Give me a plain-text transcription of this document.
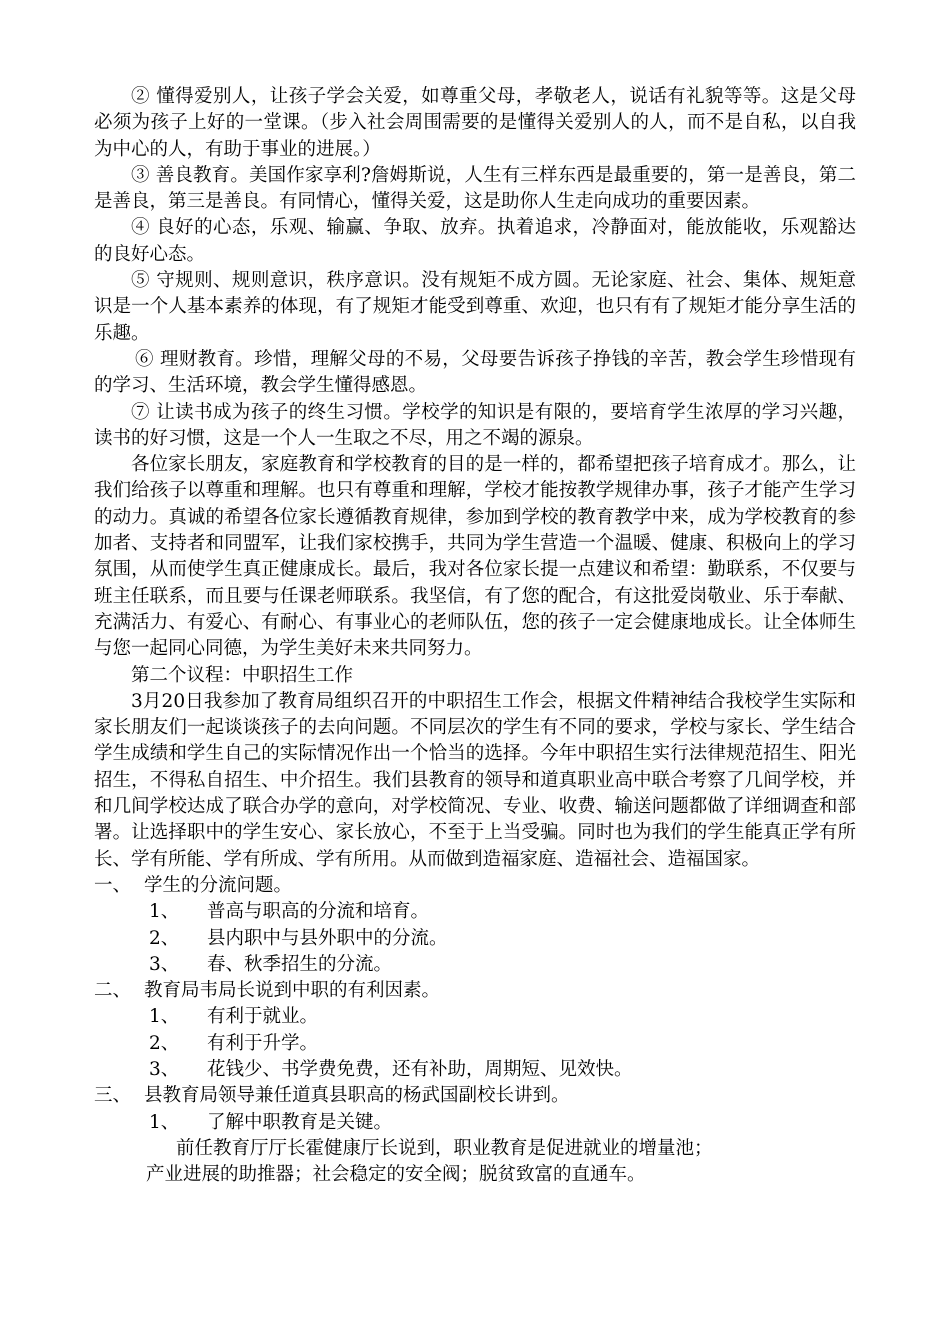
② 懂得爱别人，让孩子学会关爱，如尊重父母，孝敬老人，说话有礼貌等等。这是父母必须为孩子上好的一堂课。（步入社会周围需要的是懂得关爱别人的人，而不是自私，以自我为中心的人，有助于事业的进展。）

③ 善良教育。美国作家享利?詹姆斯说，人生有三样东西是最重要的，第一是善良，第二是善良，第三是善良。有同情心，懂得关爱，这是助你人生走向成功的重要因素。

④ 良好的心态，乐观、输赢、争取、放弃。执着追求，冷静面对，能放能收，乐观豁达的良好心态。

⑤ 守规则、规则意识，秩序意识。没有规矩不成方圆。无论家庭、社会、集体、规矩意识是一个人基本素养的体现，有了规矩才能受到尊重、欢迎，也只有有了规矩才能分享生活的乐趣。

⑥ 理财教育。珍惜，理解父母的不易，父母要告诉孩子挣钱的辛苦，教会学生珍惜现有的学习、生活环境，教会学生懂得感恩。

⑦ 让读书成为孩子的终生习惯。学校学的知识是有限的，要培育学生浓厚的学习兴趣，读书的好习惯，这是一个人一生取之不尽，用之不竭的源泉。

各位家长朋友，家庭教育和学校教育的目的是一样的，都希望把孩子培育成才。那么，让我们给孩子以尊重和理解。也只有尊重和理解，学校才能按教学规律办事，孩子才能产生学习的动力。真诚的希望各位家长遵循教育规律，参加到学校的教育教学中来，成为学校教育的参加者、支持者和同盟军，让我们家校携手，共同为学生营造一个温暖、健康、积极向上的学习氛围，从而使学生真正健康成长。最后，我对各位家长提一点建议和希望：勤联系，不仅要与班主任联系，而且要与任课老师联系。我坚信，有了您的配合，有这批爱岗敬业、乐于奉献、充满活力、有爱心、有耐心、有事业心的老师队伍，您的孩子一定会健康地成长。让全体师生与您一起同心同德，为学生美好未来共同努力。

第二个议程：中职招生工作

3月20日我参加了教育局组织召开的中职招生工作会，根据文件精神结合我校学生实际和家长朋友们一起谈谈孩子的去向问题。不同层次的学生有不同的要求，学校与家长、学生结合学生成绩和学生自己的实际情况作出一个恰当的选择。今年中职招生实行法律规范招生、阳光招生，不得私自招生、中介招生。我们县教育的领导和道真职业高中联合考察了几间学校，并和几间学校达成了联合办学的意向，对学校简况、专业、收费、输送问题都做了详细调查和部署。让选择职中的学生安心、家长放心，不至于上当受骗。同时也为我们的学生能真正学有所长、学有所能、学有所成、学有所用。从而做到造福家庭、造福社会、造福国家。

一、 学生的分流问题。

1、	普高与职高的分流和培育。

2、	县内职中与县外职中的分流。

3、	春、秋季招生的分流。

二、 教育局韦局长说到中职的有利因素。

1、	有利于就业。

2、	有利于升学。

3、	花钱少、书学费免费，还有补助，周期短、见效快。

三、 县教育局领导兼任道真县职高的杨武国副校长讲到。

1、	了解中职教育是关键。

前任教育厅厅长霍健康厅长说到，职业教育是促进就业的增量池；

产业进展的助推器；社会稳定的安全阀；脱贫致富的直通车。
